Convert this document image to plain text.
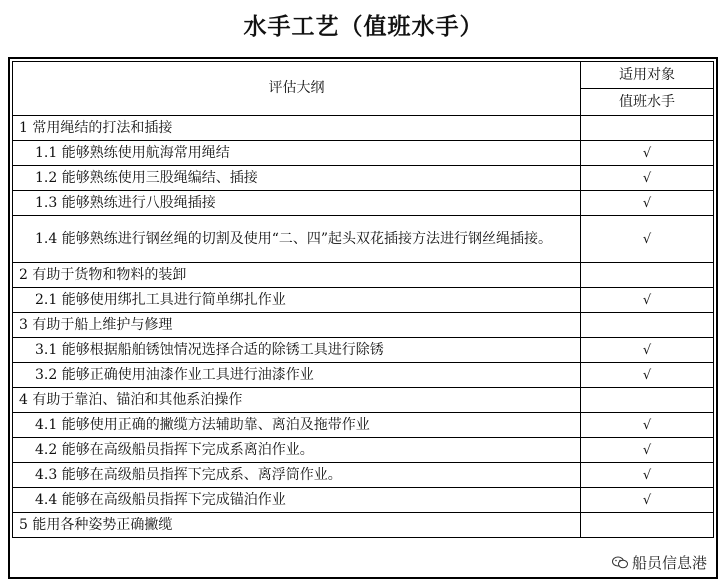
水手工艺（值班水手）
评估大纲	适用对象
	值班水手
1 常用绳结的打法和插接	
1.1 能够熟练使用航海常用绳结	√
1.2 能够熟练使用三股绳编结、插接	√
1.3 能够熟练进行八股绳插接	√
1.4 能够熟练进行钢丝绳的切割及使用“二、四”起头双花插接方法进行钢丝绳插接。	√
2 有助于货物和物料的装卸	
2.1 能够使用绑扎工具进行简单绑扎作业	√
3 有助于船上维护与修理	
3.1 能够根据船舶锈蚀情况选择合适的除锈工具进行除锈	√
3.2 能够正确使用油漆作业工具进行油漆作业	√
4 有助于靠泊、锚泊和其他系泊操作	
4.1 能够使用正确的撇缆方法辅助靠、离泊及拖带作业	√
4.2 能够在高级船员指挥下完成系离泊作业。	√
4.3 能够在高级船员指挥下完成系、离浮筒作业。	√
4.4 能够在高级船员指挥下完成锚泊作业	√
5 能用各种姿势正确撇缆	
船员信息港
